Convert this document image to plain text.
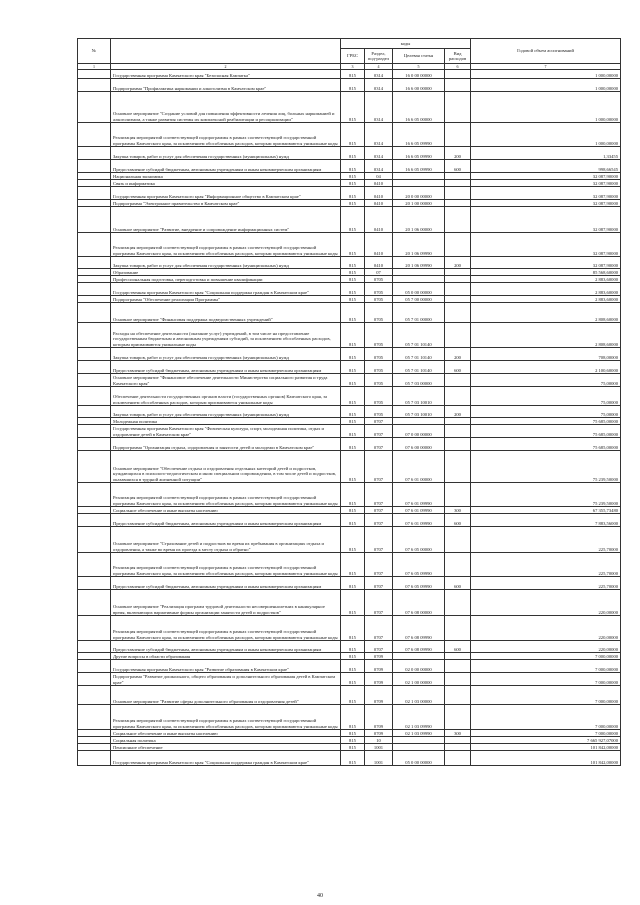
№		коды				Годовой объем ассигнований
		ГРБС	Раздел, под-раздел	Целевая статья	Вид расходов	
1	2	3	4	5	6	7
	Государственная программа Камчатского края "Безопасная Камчатка"	815	0314	16 0 00 00000		1 000,00000
	Подпрограмма "Профилактика наркомании и алкоголизма в Камчатском крае"	815	0314	16 6 00 00000		1 000,00000
	Основное мероприятие "Создание условий для повышения эффективности лечения лиц, больных наркоманией и алкоголизмом, а также развития системы их комплексной реабилитации и ресоциализации"	815	0314	16 6 05 00000		1 000,00000
	Реализация мероприятий соответствующей подпрограммы в рамках соответствующей государственной программы Камчатского края, за исключением обособленных расходов, которым присваиваются уникальные коды	815	0314	16 6 05 09990		1 000,00000
	Закупка товаров, работ и услуг для обеспечения государственных (муниципальных) нужд	815	0314	16 6 05 09990	200	1,33455
	Предоставление субсидий бюджетным, автономным учреждениям и иным некоммерческим организациям	815	0314	16 6 05 09990	600	998,66545
	Национальная экономика	815	04			32 087,90000
	Связь и информатика	815	0410			32 087,90000
	Государственная программа Камчатского края "Информационное общество в Камчатском крае"	815	0410	20 0 00 00000		32 087,90000
	Подпрограмма "Электронное правительство в Камчатском крае"	815	0410	20 1 00 00000		32 087,90000
	Основное мероприятие "Развитие, внедрение и сопровождение информационных систем"	815	0410	20 1 06 00000		32 087,90000
	Реализация мероприятий соответствующей подпрограммы в рамках соответствующей государственной программы Камчатского края, за исключением обособленных расходов, которым присваиваются уникальные коды	815	0410	20 1 06 09990		32 087,90000
	Закупка товаров, работ и услуг для обеспечения государственных (муниципальных) нужд	815	0410	20 1 06 09990	200	32 087,90000
	Образование	815	07			85 568,60000
	Профессиональная подготовка, переподготовка и повышение квалификации	815	0705			2 883,60000
	Государственная программа Камчатского края "Социальная поддержка граждан в Камчатском крае"	815	0705	05 0 00 00000		2 883,60000
	Подпрограмма "Обеспечение реализации Программы"	815	0705	05 7 00 00000		2 883,60000
	Основное мероприятие "Финансовая поддержка подведомственных учреждений"	815	0705	05 7 01 00000		2 808,60000
	Расходы на обеспечение деятельности (оказание услуг) учреждений, в том числе на предоставление государственным бюджетным и автономным учреждениям субсидий, за исключением обособленных расходов, которым присваиваются уникальные коды	815	0705	05 7 01 10140		2 808,60000
	Закупка товаров, работ и услуг для обеспечения государственных (муниципальных) нужд	815	0705	05 7 01 10140	200	708,00000
	Предоставление субсидий бюджетным, автономным учреждениям и иным некоммерческим организациям	815	0705	05 7 01 10140	600	2 100,60000
	Основное мероприятие "Финансовое обеспечение деятельности Министерства социального развития и труда Камчатского края"	815	0705	05 7 03 00000		75,00000
	Обеспечение деятельности государственных органов власти (государственных органов) Камчатского края, за исключением обособленных расходов, которым присваиваются уникальные коды	815	0705	05 7 03 10010		75,00000
	Закупка товаров, работ и услуг для обеспечения государственных (муниципальных) нужд	815	0705	05 7 03 10010	200	75,00000
	Молодежная политика	815	0707			75 685,00000
	Государственная программа Камчатского края "Физическая культура, спорт, молодежная политика, отдых и оздоровление детей в Камчатском крае"	815	0707	07 0 00 00000		75 685,00000
	Подпрограмма "Организация отдыха, оздоровления и занятости детей и молодежи в Камчатском крае"	815	0707	07 6 00 00000		75 685,00000
	Основное мероприятие "Обеспечение отдыха и оздоровления отдельных категорий детей и подростков, нуждающихся в психолого-педагогическом и ином специальном сопровождении, в том числе детей и подростков, оказавшихся в трудной жизненной ситуации"	815	0707	07 6 01 00000		75 239,50000
	Реализация мероприятий соответствующей подпрограммы в рамках соответствующей государственной программы Камчатского края, за исключением обособленных расходов, которым присваиваются уникальные коды	815	0707	07 6 01 09990		75 239,50000
	Социальное обеспечение и иные выплаты населению	815	0707	07 6 01 09990	300	67 355,73480
	Предоставление субсидий бюджетным, автономным учреждениям и иным некоммерческим организациям	815	0707	07 6 01 09990	600	7 883,56000
	Основное мероприятие "Страхование детей и подростков во время их пребывания в организациях отдыха и оздоровления, а также во время их проезда к месту отдыха и обратно"	815	0707	07 6 05 00000		225,70000
	Реализация мероприятий соответствующей подпрограммы в рамках соответствующей государственной программы Камчатского края, за исключением обособленных расходов, которым присваиваются уникальные коды	815	0707	07 6 05 09990		225,70000
	Предоставление субсидий бюджетным, автономным учреждениям и иным некоммерческим организациям	815	0707	07 6 05 09990	600	225,70000
	Основное мероприятие "Реализация программ трудовой деятельности несовершеннолетних в каникулярное время, включающих вариативные формы организации занятости детей и подростков"	815	0707	07 6 08 00000		220,00000
	Реализация мероприятий соответствующей подпрограммы в рамках соответствующей государственной программы Камчатского края, за исключением обособленных расходов, которым присваиваются уникальные коды	815	0707	07 6 08 09990		220,00000
	Предоставление субсидий бюджетным, автономным учреждениям и иным некоммерческим организациям	815	0707	07 6 08 09990	600	220,00000
	Другие вопросы в области образования	815	0709			7 000,00000
	Государственная программа Камчатского края "Развитие образования в Камчатском крае"	815	0709	02 0 00 00000		7 000,00000
	Подпрограмма "Развитие дошкольного, общего образования и дополнительного образования детей в Камчатском крае"	815	0709	02 1 00 00000		7 000,00000
	Основное мероприятие "Развитие сферы дополнительного образования и оздоровления детей"	815	0709	02 1 03 00000		7 000,00000
	Реализация мероприятий соответствующей подпрограммы в рамках соответствующей государственной программы Камчатского края, за исключением обособленных расходов, которым присваиваются уникальные коды	815	0709	02 1 03 09990		7 000,00000
	Социальное обеспечение и иные выплаты населению	815	0709	02 1 03 09990	300	7 000,00000
	Социальная политика	815	10			7 665 927,07000
	Пенсионное обеспечение	815	1001			101 842,00000
	Государственная программа Камчатского края "Социальная поддержка граждан в Камчатском крае"	815	1001	05 0 00 00000		101 842,00000
40
